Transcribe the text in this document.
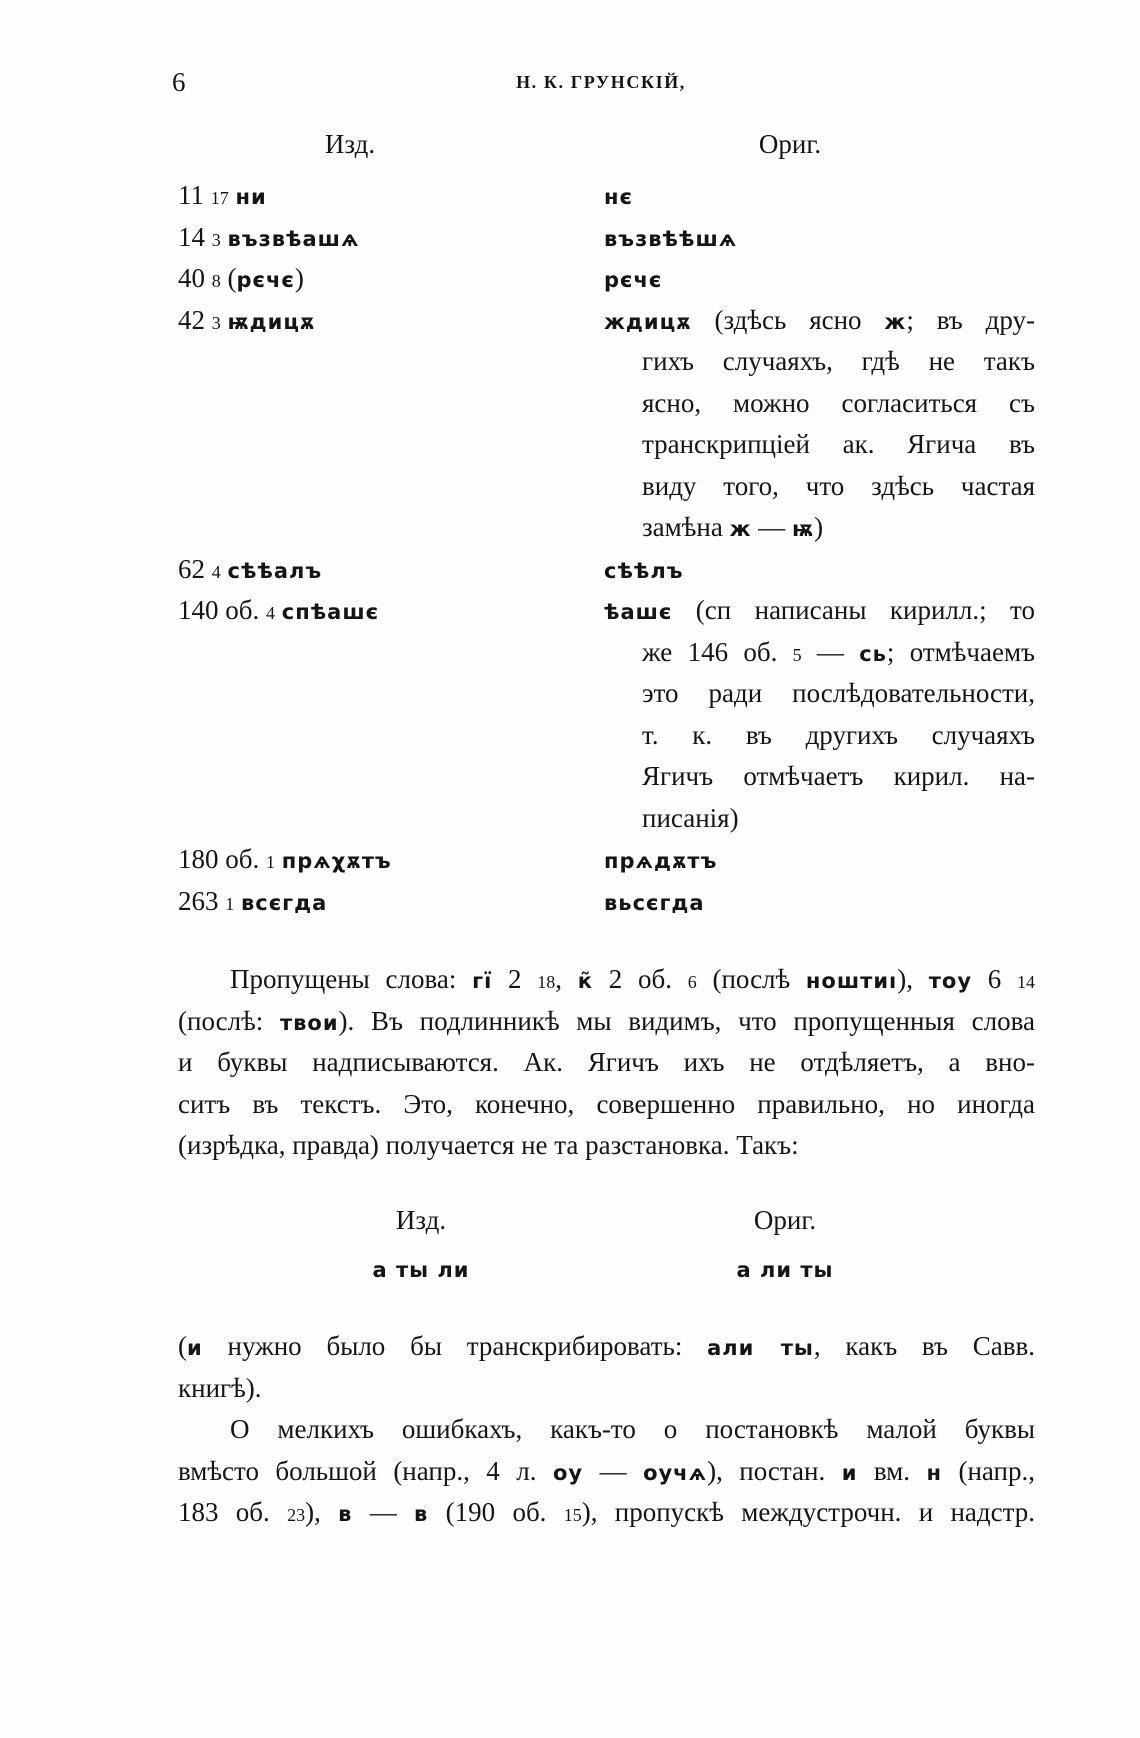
6	Н. К. ГРУНСКІЙ,
Изд.	Ориг.
11 17 ни	нє
14 3 възвѣашѧ	възвѣѣшѧ
40 8 (рєчє)	рєчє
42 3 ѭдицѫ	ждицѫ (здѣсь ясно ж; въ дру-
гихъ случаяхъ, гдѣ не такъ
ясно, можно согласиться съ
транскрипціей ак. Ягича въ
виду того, что здѣсь частая
замѣна ж — ѭ)
62 4 сѣѣалъ	сѣѣлъ
140 об. 4 спѣашє	ѣашє (сп написаны кирилл.; то
же 146 об. 5 — сь; отмѣчаемъ
это ради послѣдовательности,
т. к. въ другихъ случаяхъ
Ягичъ отмѣчаетъ кирил. на-
писанія)
180 об. 1 прѧχѫтъ	прѧдѫтъ
263 1 всєгда	вьсєгда
Пропущены слова: гї 2 18, к̃ 2 об. 6 (послѣ ноштиı), тоу 6 14
(послѣ: твои). Въ подлинникѣ мы видимъ, что пропущенныя слова
и буквы надписываются. Ак. Ягичъ ихъ не отдѣляетъ, а вно-
ситъ въ текстъ. Это, конечно, совершенно правильно, но иногда
(изрѣдка, правда) получается не та разстановка. Такъ:
Изд.	Ориг.
а ты ли	а ли ты
(и нужно было бы транскрибировать: али ты, какъ въ Савв.
книгѣ).
О мелкихъ ошибкахъ, какъ-то о постановкѣ малой буквы
вмѣсто большой (напр., 4 л. оу — оучѧ), постан. и вм. н (напр.,
183 об. 23), в — в (190 об. 15), пропускѣ междустрочн. и надстр.
